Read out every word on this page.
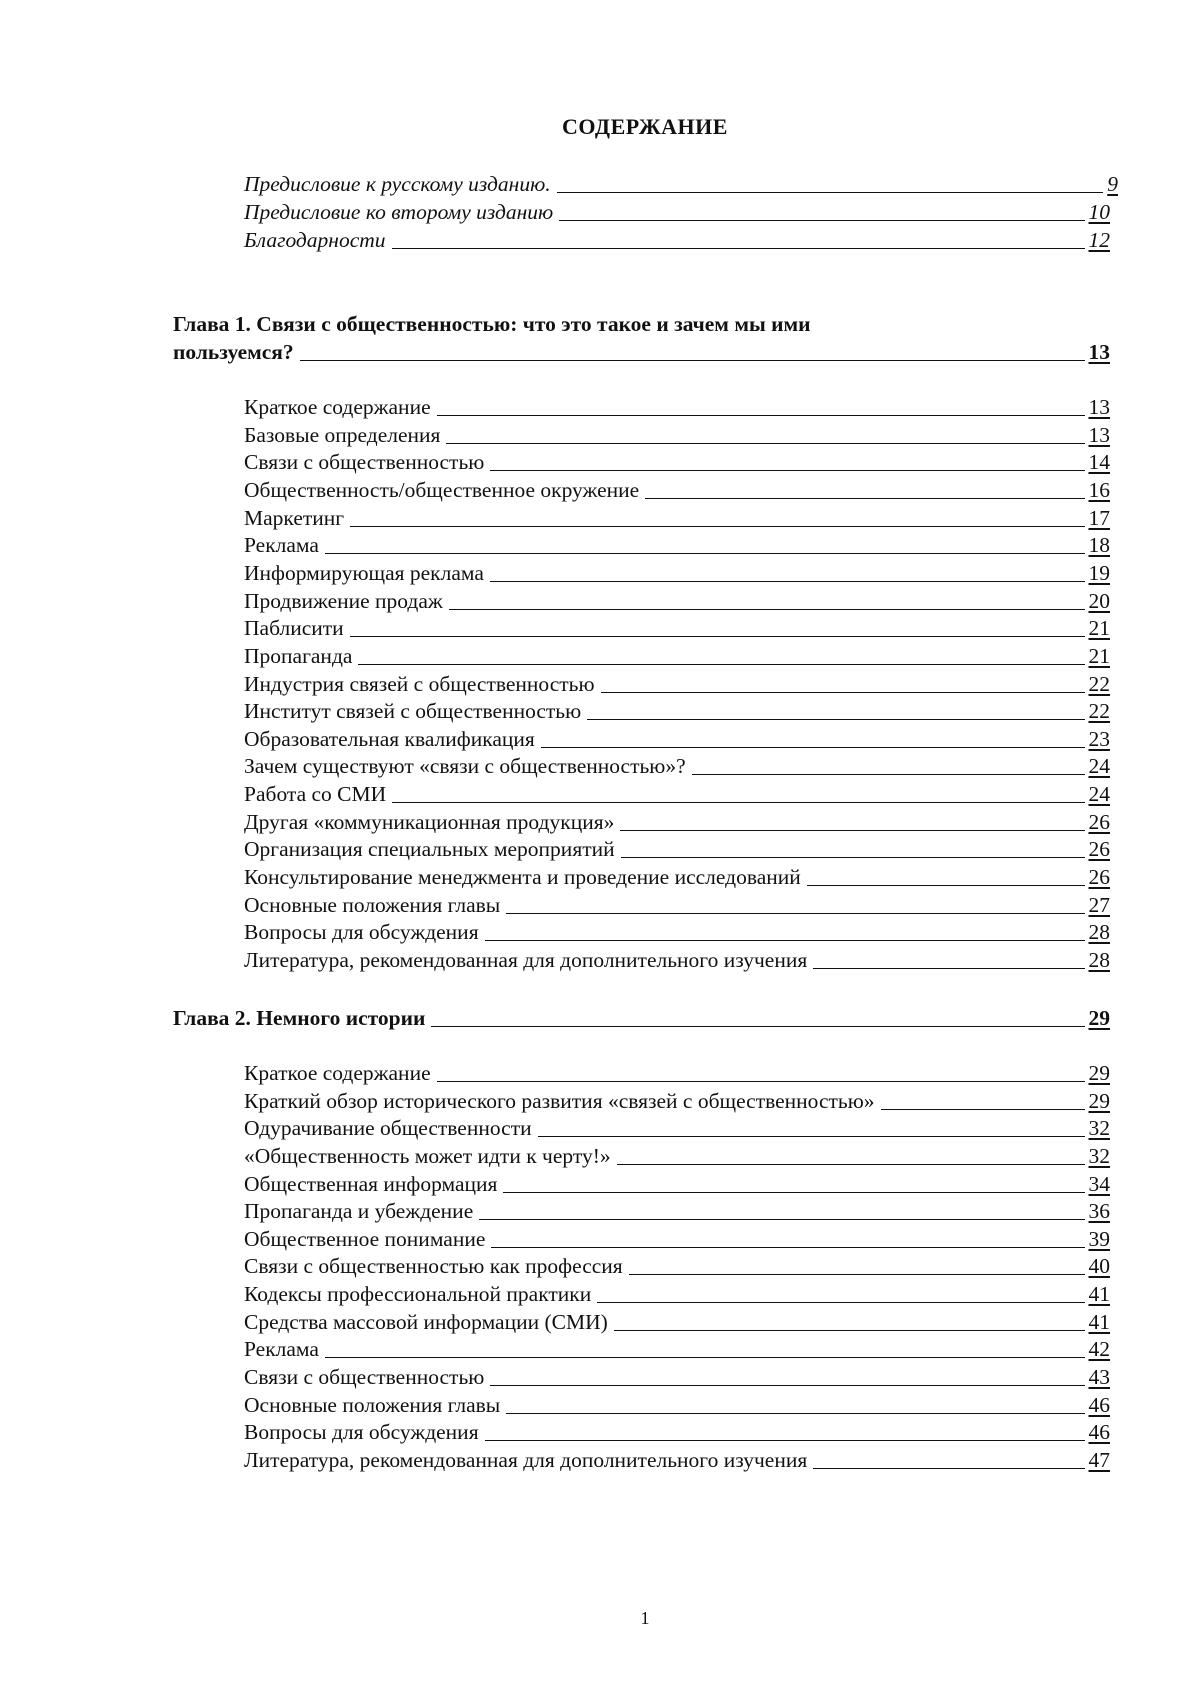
СОДЕРЖАНИЕ
Предисловие к русскому изданию.	9
Предисловие ко второму изданию	10
Благодарности	12
Глава 1. Связи с общественностью: что это такое и зачем мы ими
пользуемся?	13
Краткое содержание	13
Базовые определения	13
Связи с общественностью	14
Общественность/общественное окружение	16
Маркетинг	17
Реклама	18
Информирующая реклама	19
Продвижение продаж	20
Паблисити	21
Пропаганда	21
Индустрия связей с общественностью	22
Институт связей с общественностью	22
Образовательная квалификация	23
Зачем существуют «связи с общественностью»?	24
Работа со СМИ	24
Другая «коммуникационная продукция»	26
Организация специальных мероприятий	26
Консультирование менеджмента и проведение исследований	26
Основные положения главы	27
Вопросы для обсуждения	28
Литература, рекомендованная для дополнительного изучения	28
Глава 2. Немного истории	29
Краткое содержание	29
Краткий обзор исторического развития «связей с общественностью»	29
Одурачивание общественности	32
«Общественность может идти к черту!»	32
Общественная информация	34
Пропаганда и убеждение	36
Общественное понимание	39
Связи с общественностью как профессия	40
Кодексы профессиональной практики	41
Средства массовой информации (СМИ)	41
Реклама	42
Связи с общественностью	43
Основные положения главы	46
Вопросы для обсуждения	46
Литература, рекомендованная для дополнительного изучения	47
1
